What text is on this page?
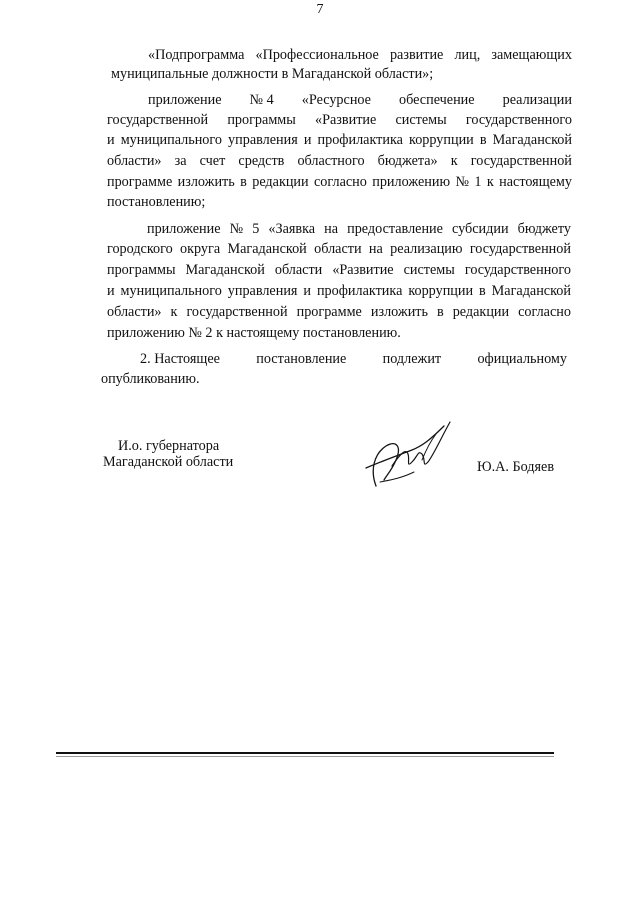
7
«Подпрограмма «Профессиональное развитие лиц, замещающих
муниципальные должности в Магаданской области»;
приложение № 4 «Ресурсное обеспечение реализации
государственной программы «Развитие системы государственного
и муниципального управления и профилактика коррупции в Магаданской
области» за счет средств областного бюджета» к государственной
программе изложить в редакции согласно приложению № 1 к настоящему
постановлению;
приложение № 5 «Заявка на предоставление субсидии бюджету
городского округа Магаданской области на реализацию государственной
программы Магаданской области «Развитие системы государственного
и муниципального управления и профилактика коррупции в Магаданской
области» к государственной программе изложить в редакции согласно
приложению № 2 к настоящему постановлению.
2. Настоящее	постановление	подлежит	официальному
опубликованию.
И.о. губернатора
Магаданской области	Ю.А. Бодяев
